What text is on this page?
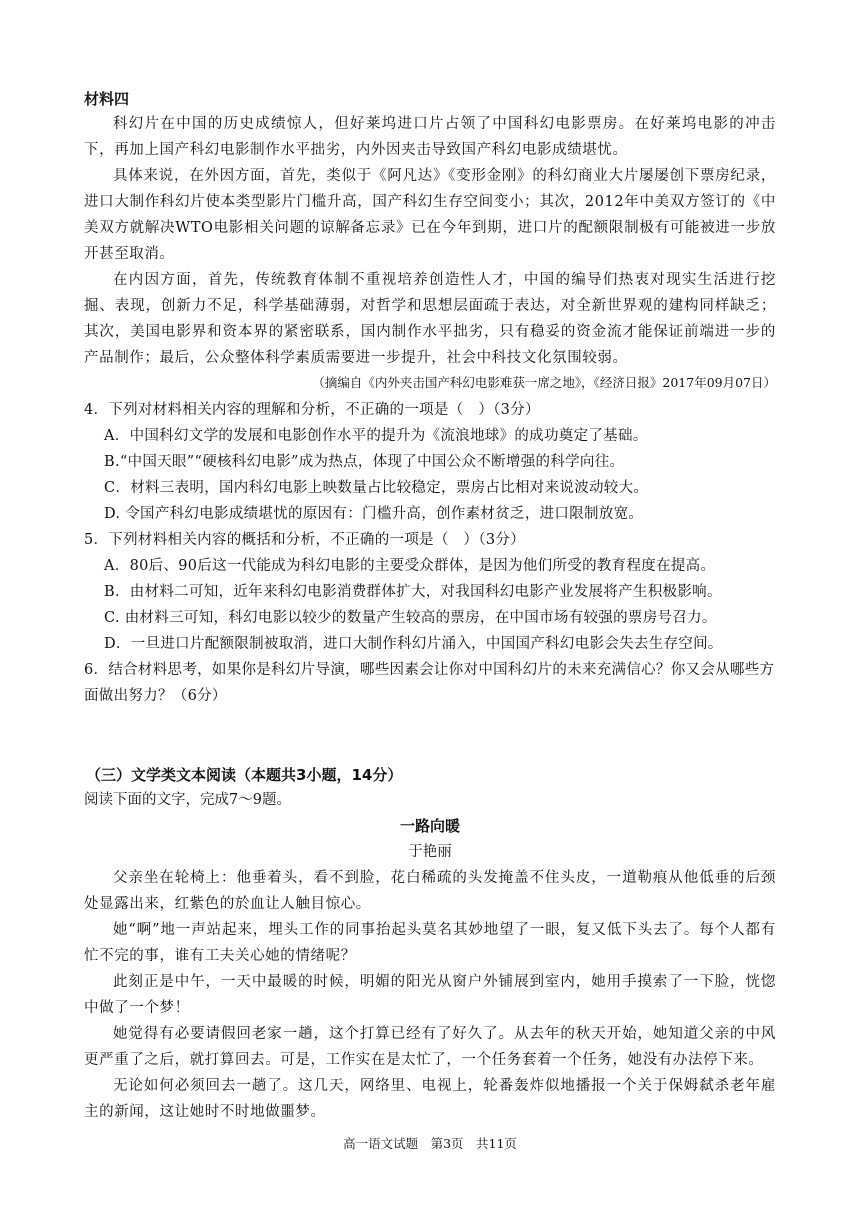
材料四
科幻片在中国的历史成绩惊人，但好莱坞进口片占领了中国科幻电影票房。在好莱坞电影的冲击下，再加上国产科幻电影制作水平拙劣，内外因夹击导致国产科幻电影成绩堪忧。
具体来说，在外因方面，首先，类似于《阿凡达》《变形金刚》的科幻商业大片屡屡创下票房纪录，进口大制作科幻片使本类型影片门槛升高，国产科幻生存空间变小；其次，2012年中美双方签订的《中美双方就解决WTO电影相关问题的谅解备忘录》已在今年到期，进口片的配额限制极有可能被进一步放开甚至取消。
在内因方面，首先，传统教育体制不重视培养创造性人才，中国的编导们热衷对现实生活进行挖掘、表现，创新力不足，科学基础薄弱，对哲学和思想层面疏于表达，对全新世界观的建构同样缺乏；其次，美国电影界和资本界的紧密联系，国内制作水平拙劣，只有稳妥的资金流才能保证前端进一步的产品制作；最后，公众整体科学素质需要进一步提升，社会中科技文化氛围较弱。
（摘编自《内外夹击国产科幻电影难获一席之地》，《经济日报》2017年09月07日）
4．下列对材料相关内容的理解和分析，不正确的一项是（　）（3分）
A．中国科幻文学的发展和电影创作水平的提升为《流浪地球》的成功奠定了基础。
B.“中国天眼”“硬核科幻电影”成为热点，体现了中国公众不断增强的科学向往。
C．材料三表明，国内科幻电影上映数量占比较稳定，票房占比相对来说波动较大。
D. 令国产科幻电影成绩堪忧的原因有：门槛升高，创作素材贫乏，进口限制放宽。
5．下列材料相关内容的概括和分析，不正确的一项是（　）（3分）
A．80后、90后这一代能成为科幻电影的主要受众群体，是因为他们所受的教育程度在提高。
B．由材料二可知，近年来科幻电影消费群体扩大，对我国科幻电影产业发展将产生积极影响。
C. 由材料三可知，科幻电影以较少的数量产生较高的票房，在中国市场有较强的票房号召力。
D．一旦进口片配额限制被取消，进口大制作科幻片涌入，中国国产科幻电影会失去生存空间。
6．结合材料思考，如果你是科幻片导演，哪些因素会让你对中国科幻片的未来充满信心？你又会从哪些方面做出努力？（6分）
（三）文学类文本阅读（本题共3小题，14分）
阅读下面的文字，完成7～9题。
一路向暖
于艳丽
父亲坐在轮椅上：他垂着头，看不到脸，花白稀疏的头发掩盖不住头皮，一道勒痕从他低垂的后颈处显露出来，红紫色的於血让人触目惊心。
她“啊”地一声站起来，埋头工作的同事抬起头莫名其妙地望了一眼，复又低下头去了。每个人都有忙不完的事，谁有工夫关心她的情绪呢？
此刻正是中午，一天中最暖的时候，明媚的阳光从窗户外铺展到室内，她用手摸索了一下脸，恍惚中做了一个梦！
她觉得有必要请假回老家一趟，这个打算已经有了好久了。从去年的秋天开始，她知道父亲的中风更严重了之后，就打算回去。可是，工作实在是太忙了，一个任务套着一个任务，她没有办法停下来。
无论如何必须回去一趟了。这几天，网络里、电视上，轮番轰炸似地播报一个关于保姆弑杀老年雇主的新闻，这让她时不时地做噩梦。
高一语文试题　第3页　共11页
